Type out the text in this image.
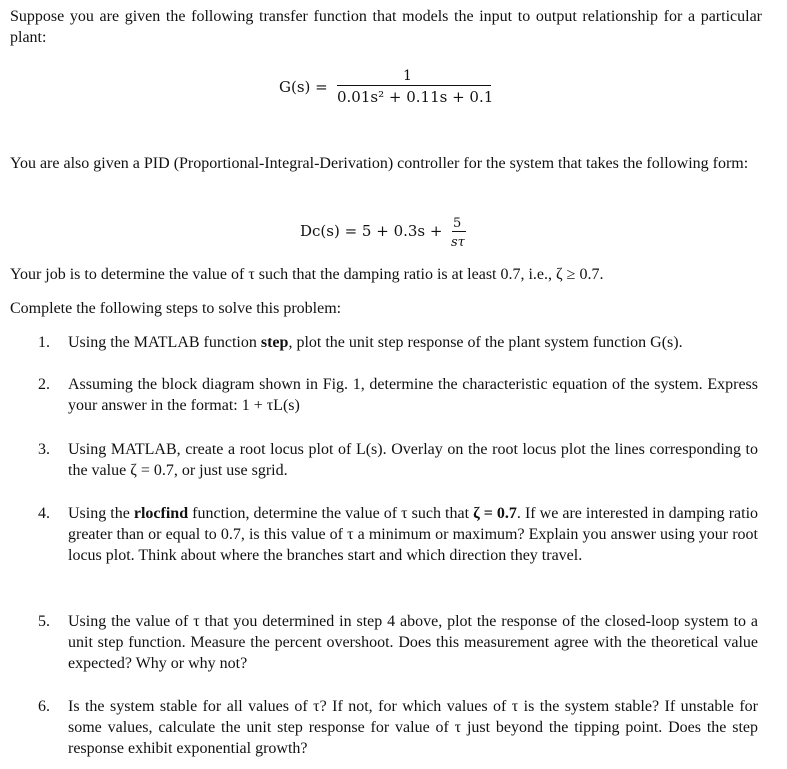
Suppose you are given the following transfer function that models the input to output relationship for a particular plant:

G(s) =
1
0.01s² + 0.11s + 0.1

You are also given a PID (Proportional-Integral-Derivation) controller for the system that takes the following form:

Dᴄ(s) = 5 + 0.3s + 5
sτ

Your job is to determine the value of τ such that the damping ratio is at least 0.7, i.e., ζ ≥ 0.7.

Complete the following steps to solve this problem:

1. Using the MATLAB function step, plot the unit step response of the plant system function G(s).
2. Assuming the block diagram shown in Fig. 1, determine the characteristic equation of the system. Express your answer in the format: 1 + τL(s)
3. Using MATLAB, create a root locus plot of L(s). Overlay on the root locus plot the lines corresponding to the value ζ = 0.7, or just use sgrid.
4. Using the rlocfind function, determine the value of τ such that ζ = 0.7. If we are interested in damping ratio greater than or equal to 0.7, is this value of τ a minimum or maximum? Explain you answer using your root locus plot. Think about where the branches start and which direction they travel.
5. Using the value of τ that you determined in step 4 above, plot the response of the closed-loop system to a unit step function. Measure the percent overshoot. Does this measurement agree with the theoretical value expected? Why or why not?
6. Is the system stable for all values of τ? If not, for which values of τ is the system stable? If unstable for some values, calculate the unit step response for value of τ just beyond the tipping point. Does the step response exhibit exponential growth?
